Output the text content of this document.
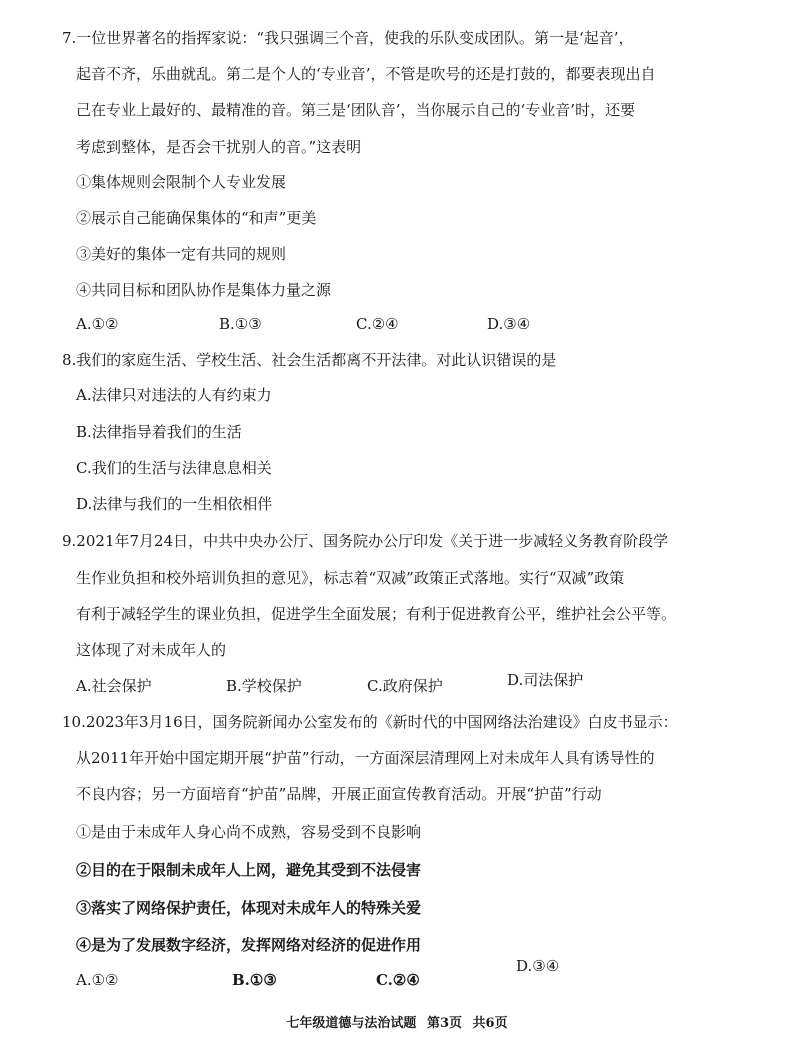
7.一位世界著名的指挥家说：“我只强调三个音，使我的乐队变成团队。第一是‘起音’，
起音不齐，乐曲就乱。第二是个人的‘专业音’，不管是吹号的还是打鼓的，都要表现出自
己在专业上最好的、最精准的音。第三是‘团队音’，当你展示自己的‘专业音’时，还要
考虑到整体，是否会干扰别人的音。”这表明
①集体规则会限制个人专业发展
②展示自己能确保集体的“和声”更美
③美好的集体一定有共同的规则
④共同目标和团队协作是集体力量之源
A.①②	B.①③	C.②④	D.③④
8.我们的家庭生活、学校生活、社会生活都离不开法律。对此认识错误的是
A.法律只对违法的人有约束力
B.法律指导着我们的生活
C.我们的生活与法律息息相关
D.法律与我们的一生相依相伴
9.2021年7月24日，中共中央办公厅、国务院办公厅印发《关于进一步减轻义务教育阶段学
生作业负担和校外培训负担的意见》，标志着“双减”政策正式落地。实行“双减”政策
有利于减轻学生的课业负担，促进学生全面发展；有利于促进教育公平，维护社会公平等。
这体现了对未成年人的
A.社会保护	B.学校保护	C.政府保护	D.司法保护
10.2023年3月16日，国务院新闻办公室发布的《新时代的中国网络法治建设》白皮书显示：
从2011年开始中国定期开展“护苗”行动，一方面深层清理网上对未成年人具有诱导性的
不良内容；另一方面培育“护苗”品牌，开展正面宣传教育活动。开展“护苗”行动
①是由于未成年人身心尚不成熟，容易受到不良影响
②目的在于限制未成年人上网，避免其受到不法侵害
③落实了网络保护责任，体现对未成年人的特殊关爱
④是为了发展数字经济，发挥网络对经济的促进作用
A.①②	B.①③	C.②④
D.③④
七年级道德与法治试题 第3页 共6页
